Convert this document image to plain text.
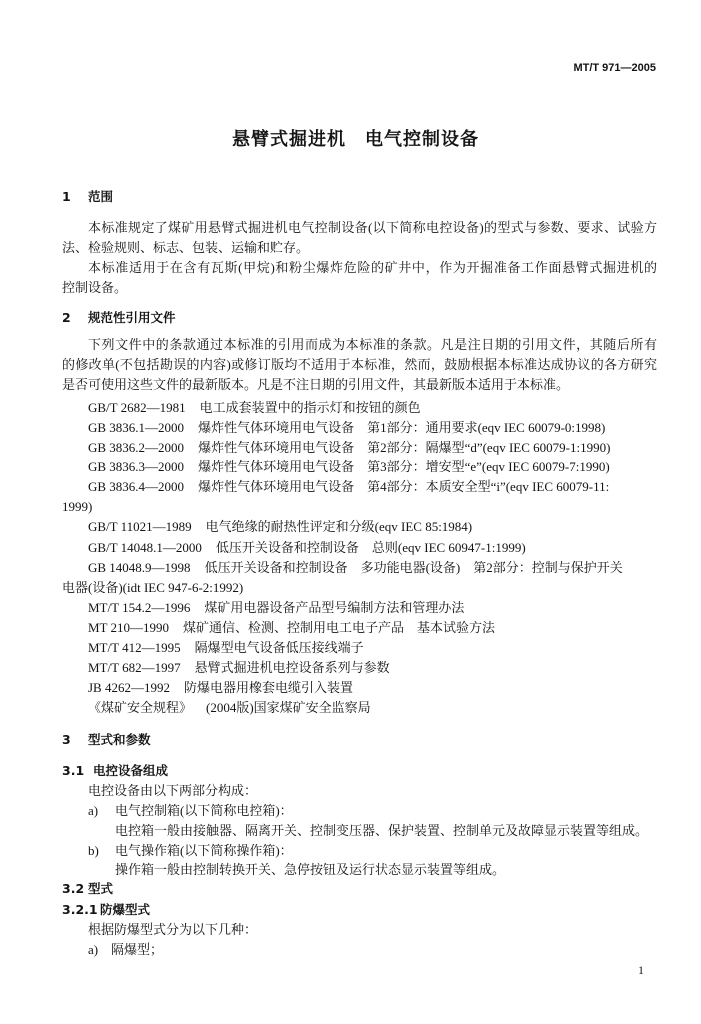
MT/T 971—2005
悬臂式掘进机　电气控制设备
1 范围
本标准规定了煤矿用悬臂式掘进机电气控制设备(以下简称电控设备)的型式与参数、要求、试验方
法、检验规则、标志、包装、运输和贮存。
本标准适用于在含有瓦斯(甲烷)和粉尘爆炸危险的矿井中，作为开掘准备工作面悬臂式掘进机的
控制设备。
2 规范性引用文件
下列文件中的条款通过本标准的引用而成为本标准的条款。凡是注日期的引用文件，其随后所有
的修改单(不包括勘误的内容)或修订版均不适用于本标准，然而，鼓励根据本标准达成协议的各方研究
是否可使用这些文件的最新版本。凡是不注日期的引用文件，其最新版本适用于本标准。
GB/T 2682—1981 电工成套装置中的指示灯和按钮的颜色
GB 3836.1—2000 爆炸性气体环境用电气设备　第1部分：通用要求(eqv IEC 60079-0:1998)
GB 3836.2—2000 爆炸性气体环境用电气设备　第2部分：隔爆型“d”(eqv IEC 60079-1:1990)
GB 3836.3—2000 爆炸性气体环境用电气设备　第3部分：增安型“e”(eqv IEC 60079-7:1990)
GB 3836.4—2000 爆炸性气体环境用电气设备　第4部分：本质安全型“i”(eqv IEC 60079-11:
1999)
GB/T 11021—1989 电气绝缘的耐热性评定和分级(eqv IEC 85:1984)
GB/T 14048.1—2000 低压开关设备和控制设备　总则(eqv IEC 60947-1:1999)
GB 14048.9—1998 低压开关设备和控制设备　多功能电器(设备)　第2部分：控制与保护开关
电器(设备)(idt IEC 947-6-2:1992)
MT/T 154.2—1996 煤矿用电器设备产品型号编制方法和管理办法
MT 210—1990 煤矿通信、检测、控制用电工电子产品　基本试验方法
MT/T 412—1995 隔爆型电气设备低压接线端子
MT/T 682—1997 悬臂式掘进机电控设备系列与参数
JB 4262—1992 防爆电器用橡套电缆引入装置
《煤矿安全规程》 (2004版)国家煤矿安全监察局
3 型式和参数
3.1 电控设备组成
电控设备由以下两部分构成：
a) 电气控制箱(以下简称电控箱)：
电控箱一般由接触器、隔离开关、控制变压器、保护装置、控制单元及故障显示装置等组成。
b) 电气操作箱(以下简称操作箱)：
操作箱一般由控制转换开关、急停按钮及运行状态显示装置等组成。
3.2 型式
3.2.1 防爆型式
根据防爆型式分为以下几种：
a) 隔爆型；
1
